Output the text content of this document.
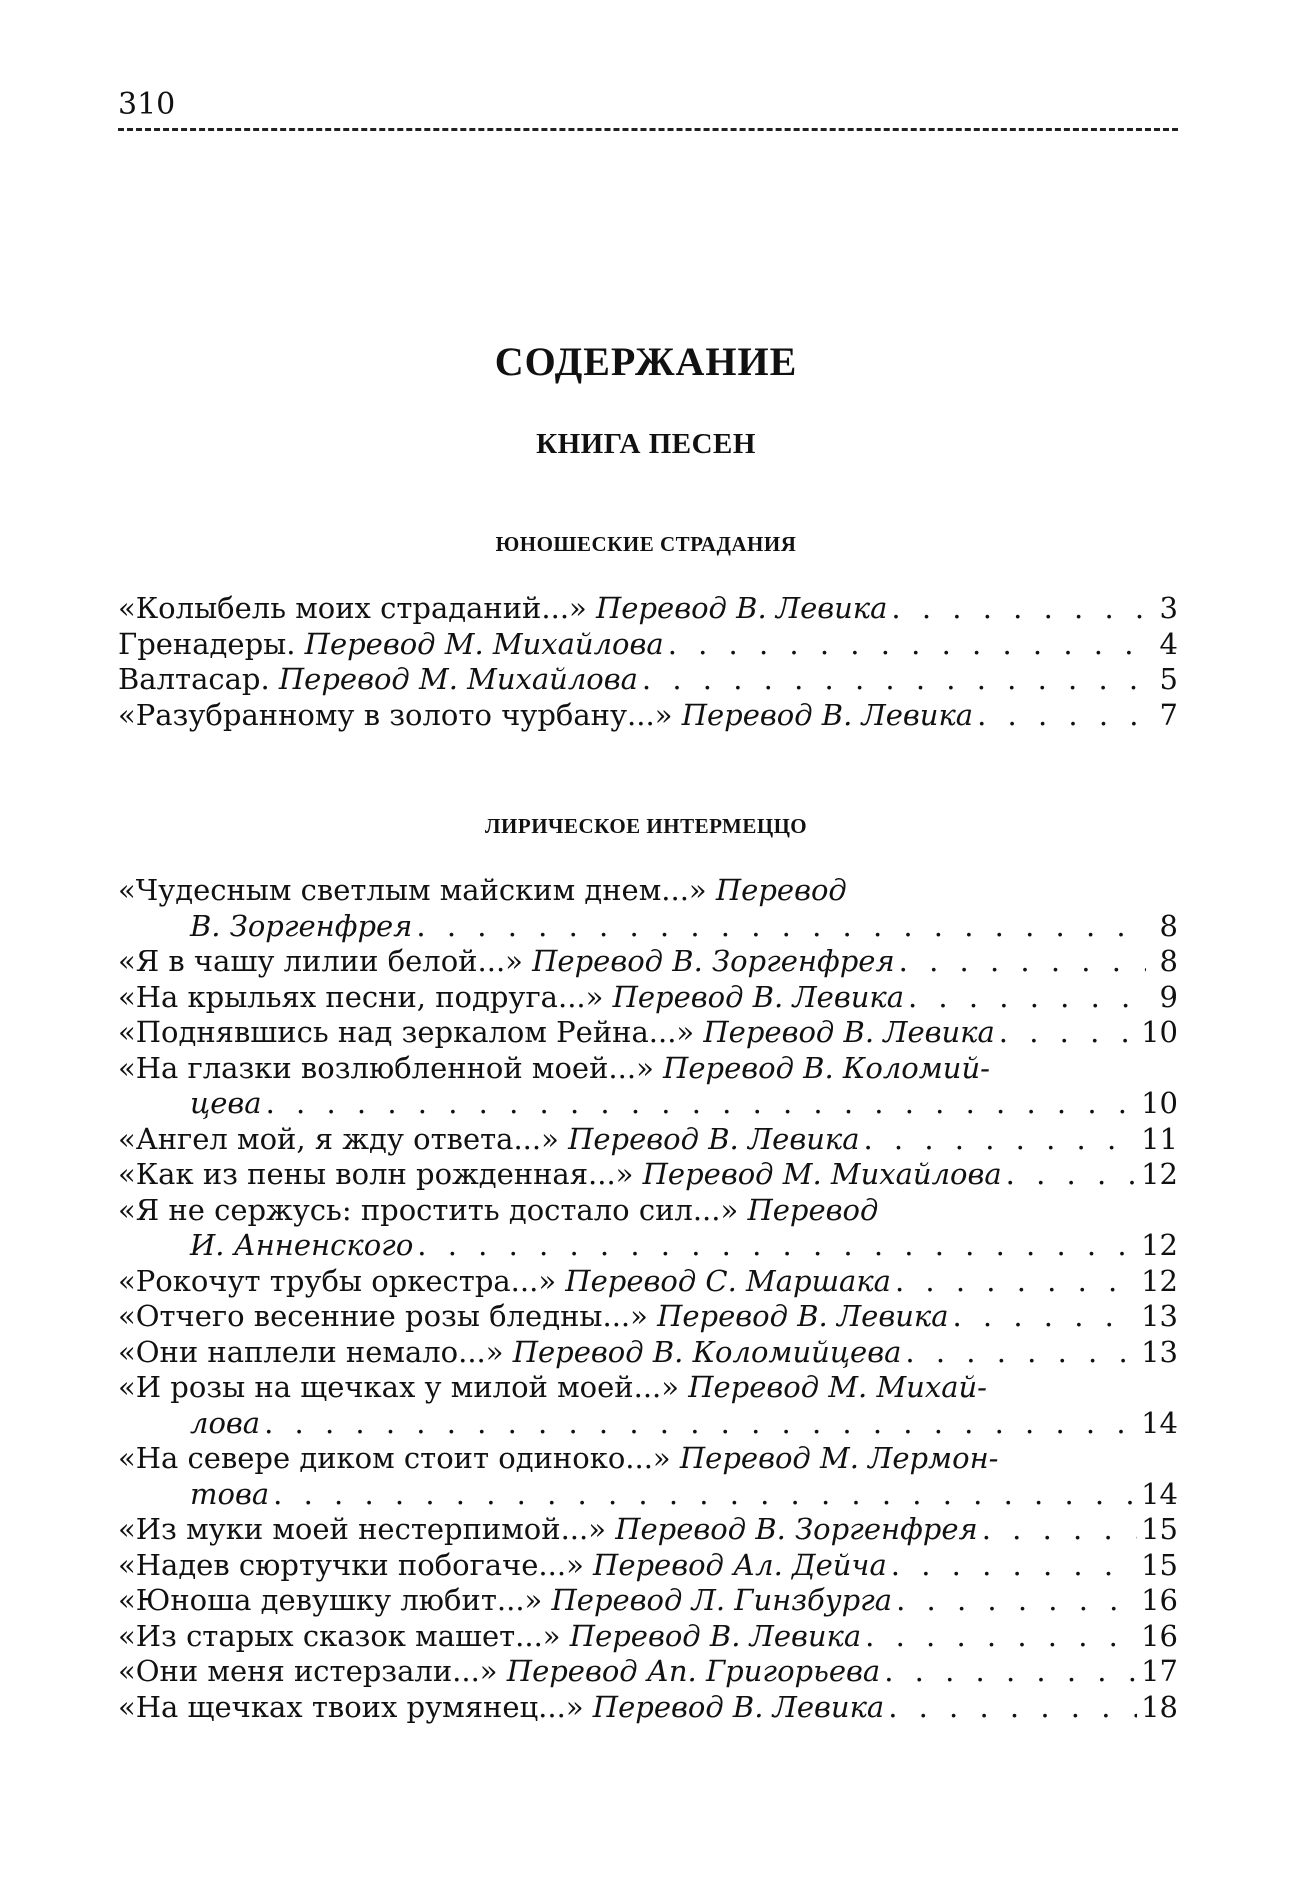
310
СОДЕРЖАНИЕ
КНИГА ПЕСЕН
ЮНОШЕСКИЕ СТРАДАНИЯ
«Колыбель моих страданий...»
Перевод В. Левика . . .	3
Гренадеры.
Перевод М. Михайлова . . .	4
Валтасар.
Перевод М. Михайлова . . .	5
«Разубранному в золото чурбану...»
Перевод В. Левика . . .	7
ЛИРИЧЕСКОЕ ИНТЕРМЕЦЦО
«Чудесным светлым майским днем...»
Перевод
В. Зоргенфрея . . .	8
«Я в чашу лилии белой...»
Перевод В. Зоргенфрея . . .	8
«На крыльях песни, подруга...»
Перевод В. Левика . . .	9
«Поднявшись над зеркалом Рейна...»
Перевод В. Левика . . .	10
«На глазки возлюбленной моей...»
Перевод В. Коломий-
цева . . .	10
«Ангел мой, я жду ответа...»
Перевод В. Левика . . .	11
«Как из пены волн рожденная...»
Перевод М. Михайлова . . .	12
«Я не сержусь: простить достало сил...»
Перевод
И. Анненского . . .	12
«Рокочут трубы оркестра...»
Перевод С. Маршака . . .	12
«Отчего весенние розы бледны...»
Перевод В. Левика . . .	13
«Они наплели немало...»
Перевод В. Коломийцева . . .	13
«И розы на щечках у милой моей...»
Перевод М. Михай-
лова . . .	14
«На севере диком стоит одиноко...»
Перевод М. Лермон-
това . . .	14
«Из муки моей нестерпимой...»
Перевод В. Зоргенфрея . . .	15
«Надев сюртучки побогаче...»
Перевод Ал. Дейча . . .	15
«Юноша девушку любит...»
Перевод Л. Гинзбурга . . .	16
«Из старых сказок машет...»
Перевод В. Левика . . .	16
«Они меня истерзали...»
Перевод Ап. Григорьева . . .	17
«На щечках твоих румянец...»
Перевод В. Левика . . .	18
